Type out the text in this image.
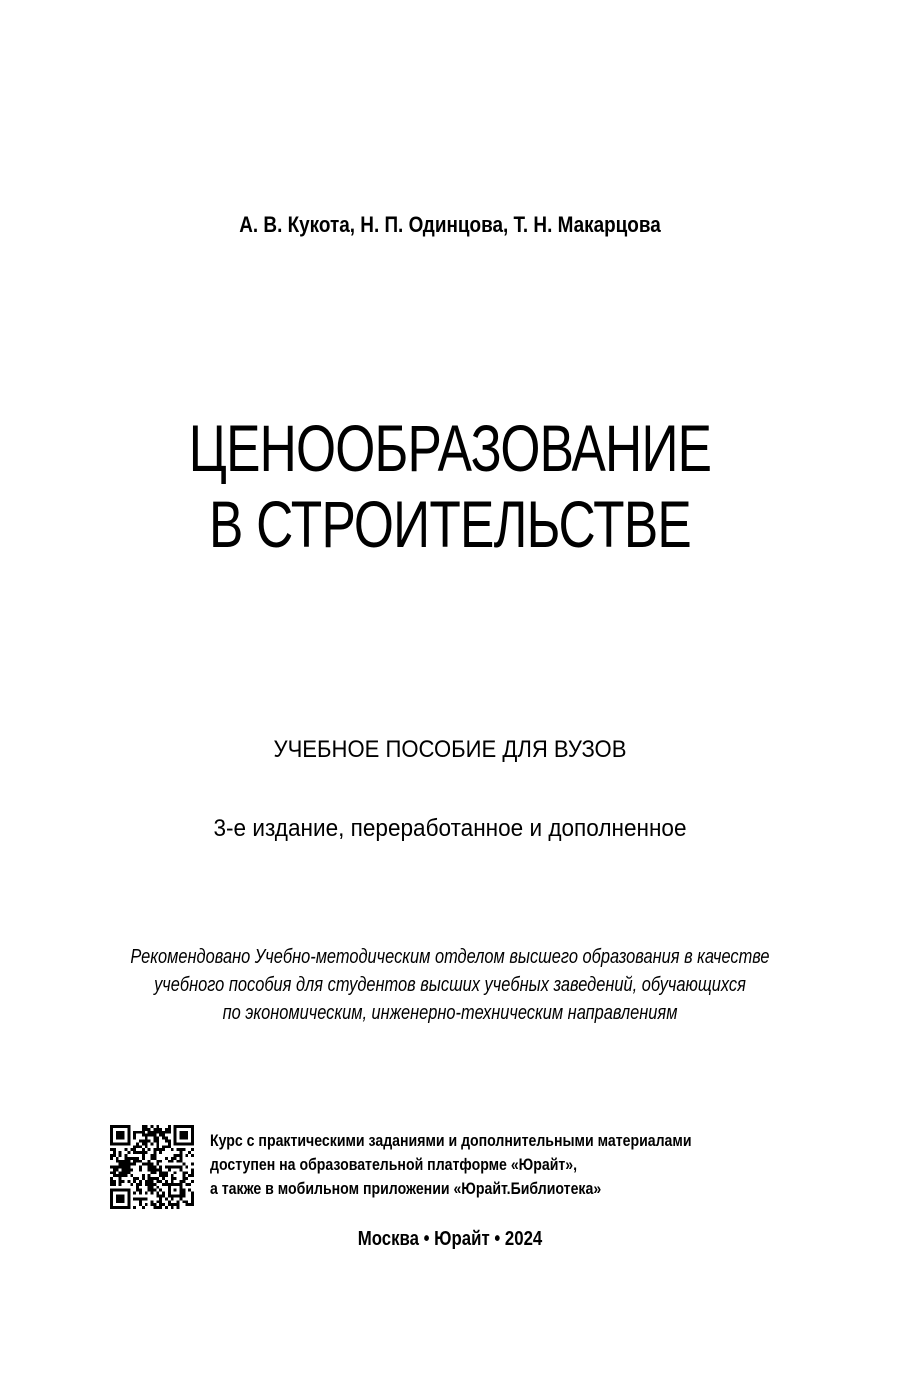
А. В. Кукота, Н. П. Одинцова, Т. Н. Макарцова
ЦЕНООБРАЗОВАНИЕ
В СТРОИТЕЛЬСТВЕ
УЧЕБНОЕ ПОСОБИЕ ДЛЯ ВУЗОВ
3-е издание, переработанное и дополненное
Рекомендовано Учебно-методическим отделом высшего образования в качестве
учебного пособия для студентов высших учебных заведений, обучающихся
по экономическим, инженерно-техническим направлениям
Курс с практическими заданиями и дополнительными материалами
доступен на образовательной платформе «Юрайт»,
а также в мобильном приложении «Юрайт.Библиотека»
Москва • Юрайт • 2024
